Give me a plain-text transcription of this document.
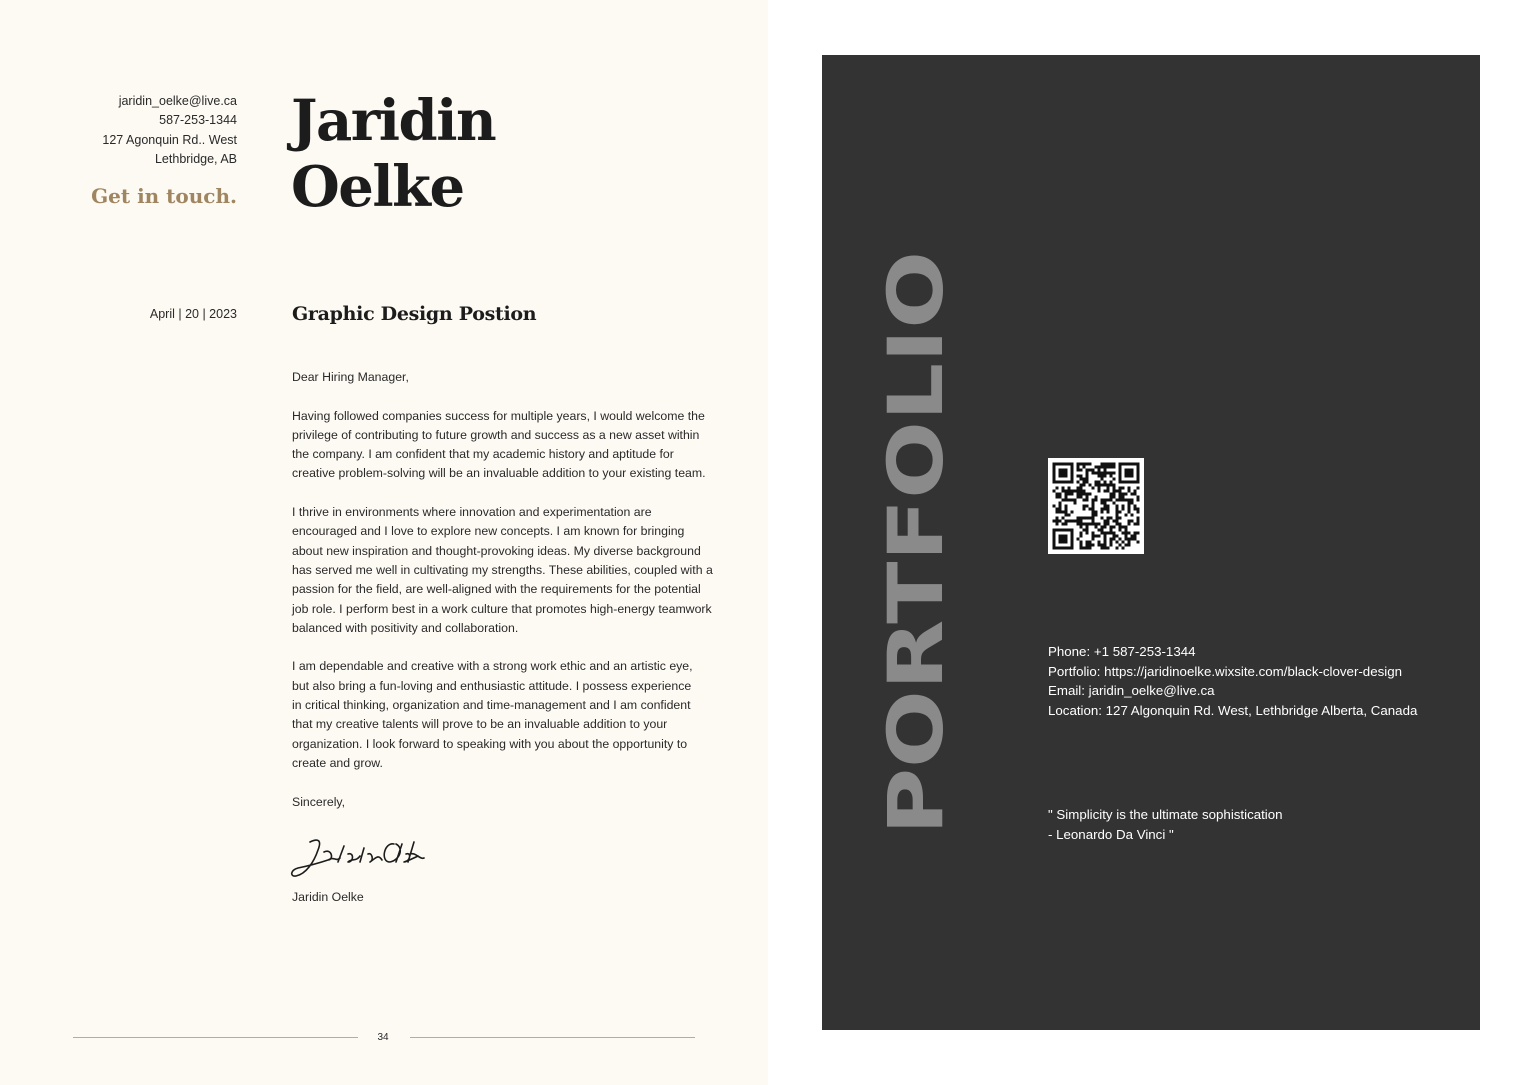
jaridin_oelke@live.ca
587-253-1344
127 Agonquin Rd.. West
Lethbridge, AB
Get in touch.
Jaridin
Oelke
April | 20 | 2023	Graphic Design Postion

Dear Hiring Manager,

Having followed companies success for multiple years, I would welcome the
privilege of contributing to future growth and success as a new asset within
the company. I am confident that my academic history and aptitude for
creative problem-solving will be an invaluable addition to your existing team.

I thrive in environments where innovation and experimentation are
encouraged and I love to explore new concepts. I am known for bringing
about new inspiration and thought-provoking ideas. My diverse background
has served me well in cultivating my strengths. These abilities, coupled with a
passion for the field, are well-aligned with the requirements for the potential
job role. I perform best in a work culture that promotes high-energy teamwork
balanced with positivity and collaboration.

I am dependable and creative with a strong work ethic and an artistic eye,
but also bring a fun-loving and enthusiastic attitude. I possess experience
in critical thinking, organization and time-management and I am confident
that my creative talents will prove to be an invaluable addition to your
organization. I look forward to speaking with you about the opportunity to
create and grow.

Sincerely,

Jaridin Oelke
34
PORTFOLIO	Phone: +1 587-253-1344
Portfolio: https://jaridinoelke.wixsite.com/black-clover-design
Email: jaridin_oelke@live.ca
Location: 127 Algonquin Rd. West, Lethbridge Alberta, Canada
" Simplicity is the ultimate sophistication
- Leonardo Da Vinci "
